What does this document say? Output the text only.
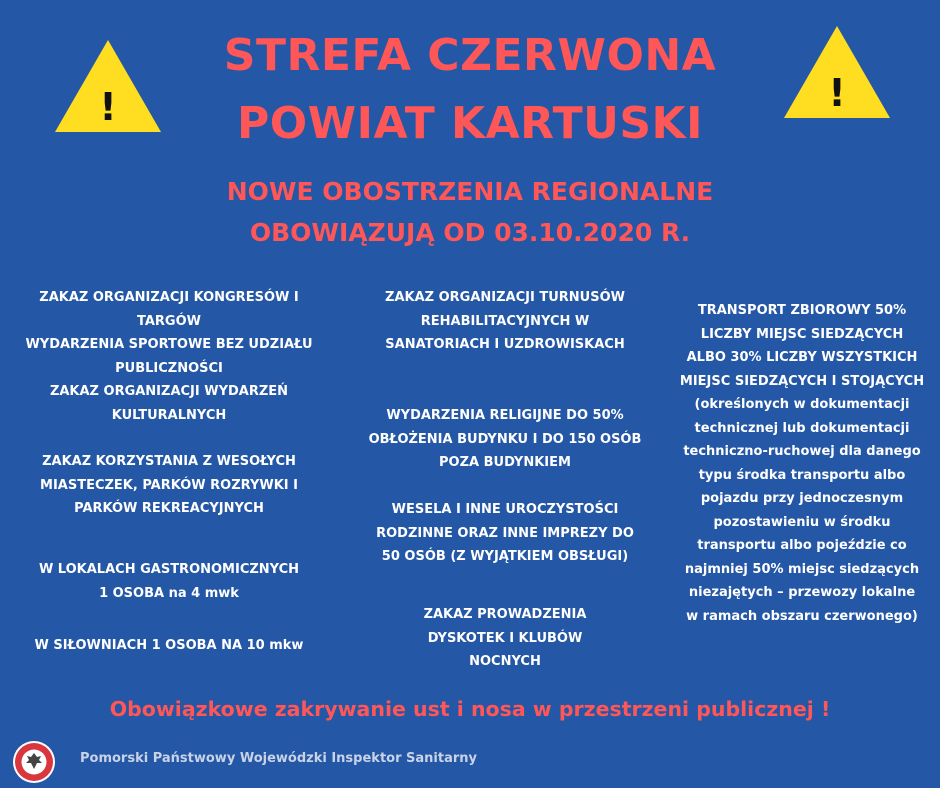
!	!
STREFA CZERWONA
POWIAT KARTUSKI
NOWE OBOSTRZENIA REGIONALNE
OBOWIĄZUJĄ OD 03.10.2020 R.
ZAKAZ ORGANIZACJI KONGRESÓW I
TARGÓW
WYDARZENIA SPORTOWE BEZ UDZIAŁU
PUBLICZNOŚCI
ZAKAZ ORGANIZACJI WYDARZEŃ
KULTURALNYCH
ZAKAZ KORZYSTANIA Z WESOŁYCH
MIASTECZEK, PARKÓW ROZRYWKI I
PARKÓW REKREACYJNYCH
W LOKALACH GASTRONOMICZNYCH
1 OSOBA na 4 mwk
W SIŁOWNIACH 1 OSOBA NA 10 mkw
ZAKAZ ORGANIZACJI TURNUSÓW
REHABILITACYJNYCH W
SANATORIACH I UZDROWISKACH
WYDARZENIA RELIGIJNE DO 50%
OBŁOŻENIA BUDYNKU I DO 150 OSÓB
POZA BUDYNKIEM
WESELA I INNE UROCZYSTOŚCI
RODZINNE ORAZ INNE IMPREZY DO
50 OSÓB (Z WYJĄTKIEM OBSŁUGI)
ZAKAZ PROWADZENIA
DYSKOTEK I KLUBÓW
NOCNYCH
TRANSPORT ZBIOROWY 50%
LICZBY MIEJSC SIEDZĄCYCH
ALBO 30% LICZBY WSZYSTKICH
MIEJSC SIEDZĄCYCH I STOJĄCYCH
(określonych w dokumentacji
technicznej lub dokumentacji
techniczno-ruchowej dla danego
typu środka transportu albo
pojazdu przy jednoczesnym
pozostawieniu w środku
transportu albo pojeździe co
najmniej 50% miejsc siedzących
niezajętych – przewozy lokalne
w ramach obszaru czerwonego)
Obowiązkowe zakrywanie ust i nosa w przestrzeni publicznej !
Pomorski Państwowy Wojewódzki Inspektor Sanitarny
